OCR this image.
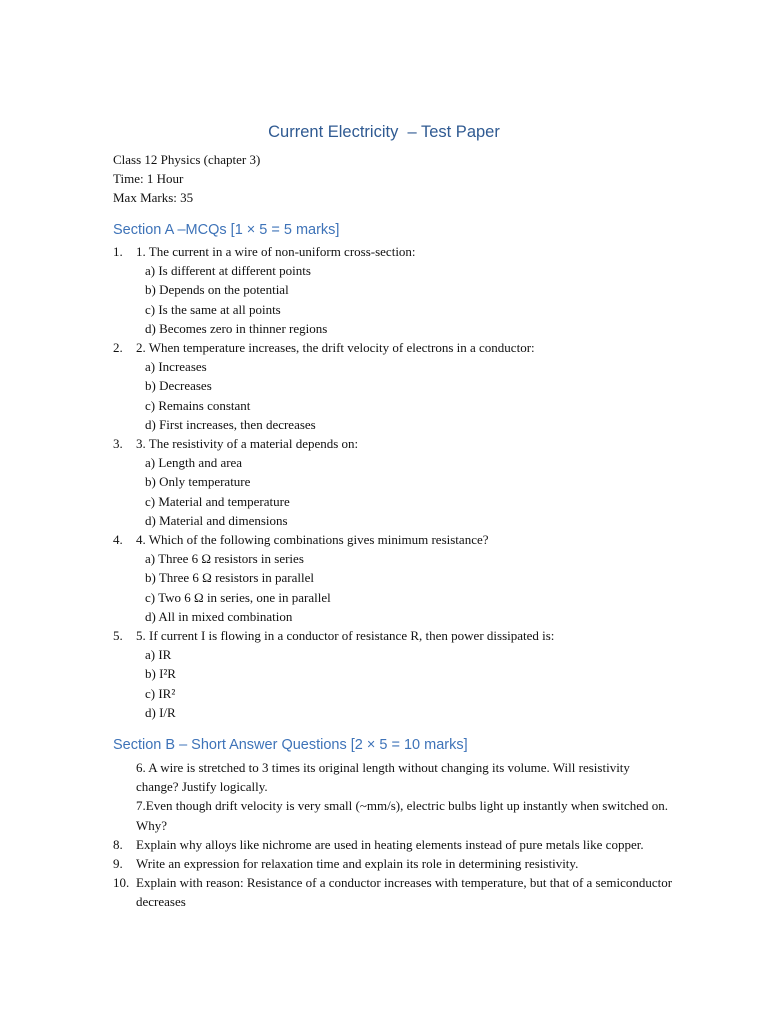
Current Electricity  – Test Paper
Class 12 Physics (chapter 3)
Time: 1 Hour
Max Marks: 35
Section A –MCQs [1 × 5 = 5 marks]
1.	1. The current in a wire of non-uniform cross-section:
a) Is different at different points
b) Depends on the potential
c) Is the same at all points
d) Becomes zero in thinner regions
2.	2. When temperature increases, the drift velocity of electrons in a conductor:
a) Increases
b) Decreases
c) Remains constant
d) First increases, then decreases
3.	3. The resistivity of a material depends on:
a) Length and area
b) Only temperature
c) Material and temperature
d) Material and dimensions
4.	4. Which of the following combinations gives minimum resistance?
a) Three 6 Ω resistors in series
b) Three 6 Ω resistors in parallel
c) Two 6 Ω in series, one in parallel
d) All in mixed combination
5.	5. If current I is flowing in a conductor of resistance R, then power dissipated is:
a) IR
b) I²R
c) IR²
d) I/R
Section B – Short Answer Questions [2 × 5 = 10 marks]
6. A wire is stretched to 3 times its original length without changing its volume. Will resistivity change? Justify logically.
7.Even though drift velocity is very small (~mm/s), electric bulbs light up instantly when switched on. Why?
8.	Explain why alloys like nichrome are used in heating elements instead of pure metals like copper.
9.	Write an expression for relaxation time and explain its role in determining resistivity.
10. Explain with reason: Resistance of a conductor increases with temperature, but that of a semiconductor decreases
